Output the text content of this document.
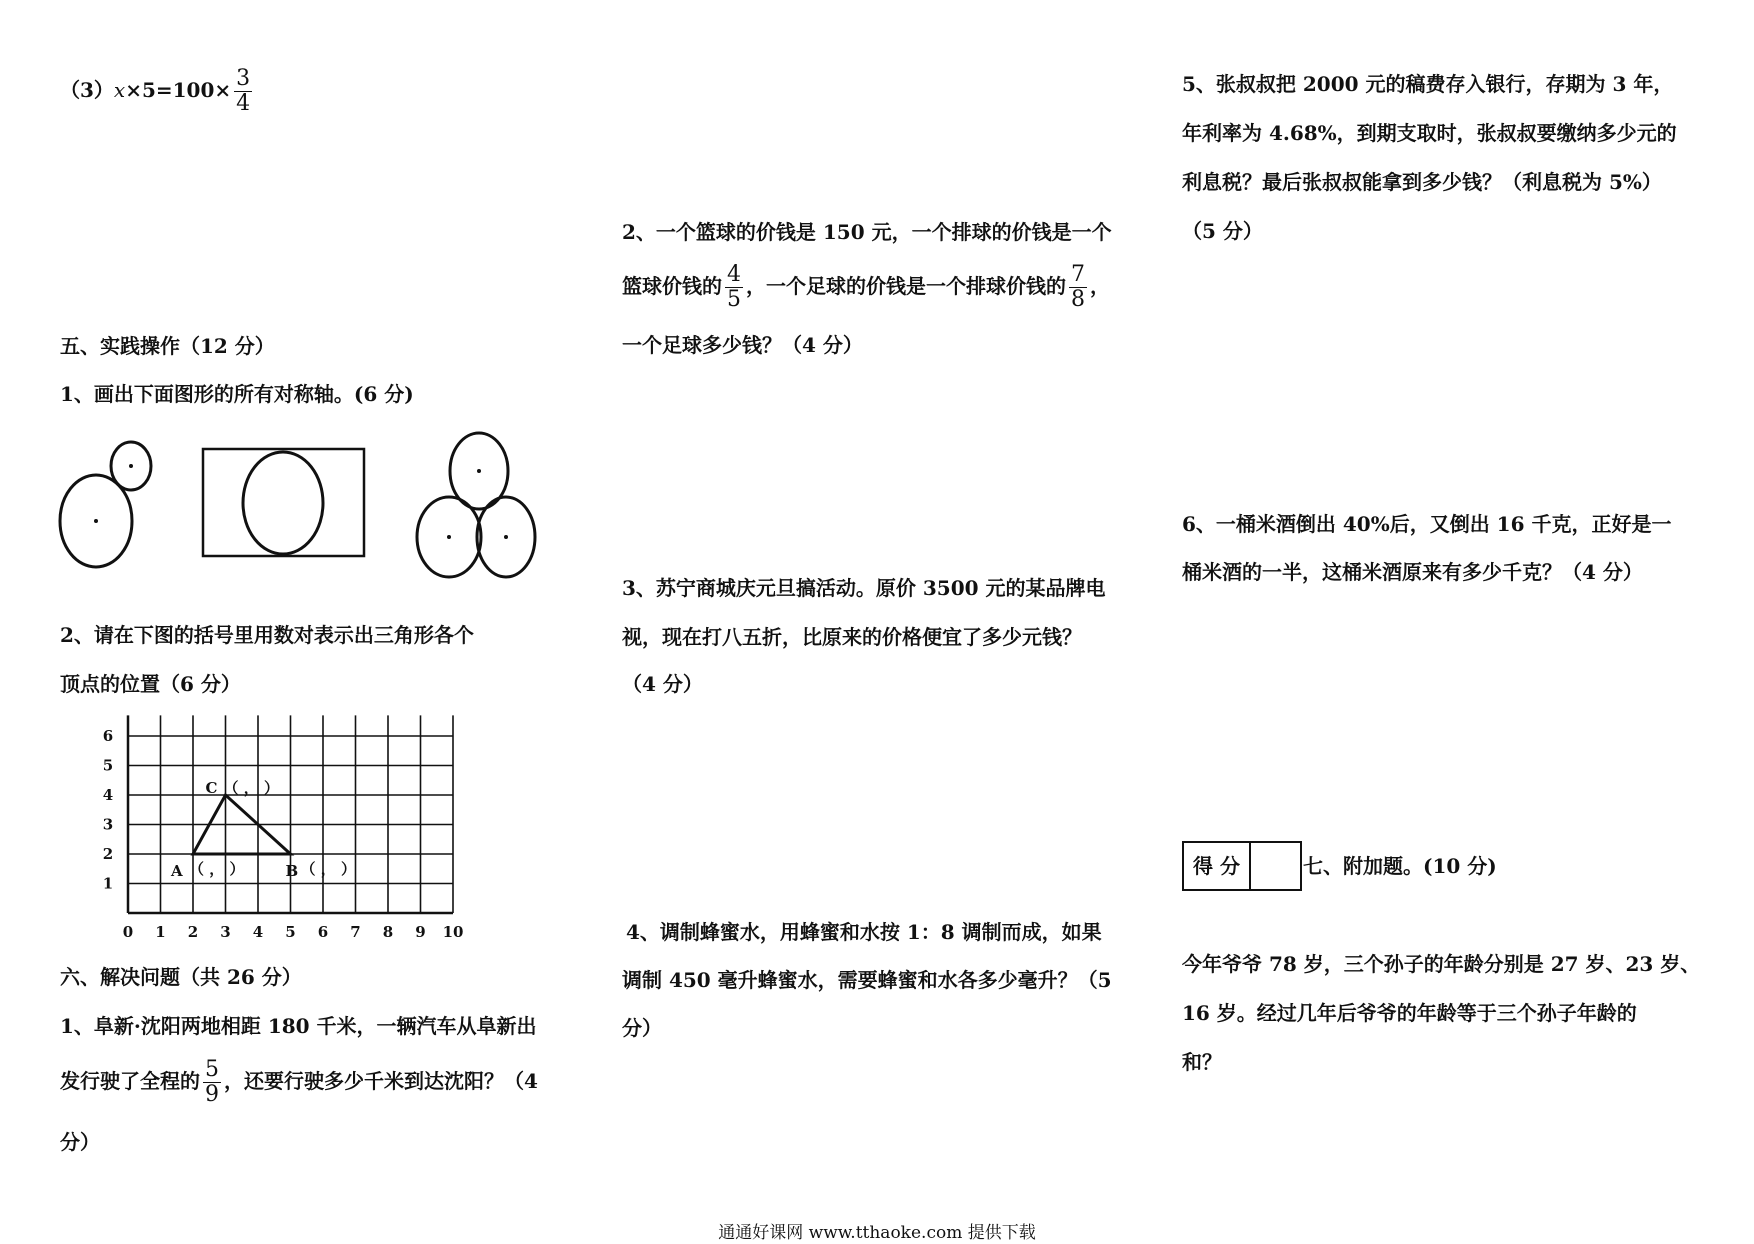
$(3)x\times 5=100\times \frac{3}{4}$
五、实践操作（12 分）
1、画出下面图形的所有对称轴。(6 分)
2、请在下图的括号里用数对表示出三角形各个
顶点的位置（6 分）
0 1 2 3 4 5 6 7 8 9 10
1
2
3
4
5
6
A （ ， ）	B （ ， ）
C （ ， ）
六、解决问题（共 26 分）
1、阜新·沈阳两地相距 180 千米，一辆汽车从阜新出
发行驶了全程的 $\frac{5}{9}$ ，还要行驶多少千米到达沈阳？（4
分）
2、一个篮球的价钱是 150 元，一个排球的价钱是一个
篮球价钱的 $\frac{4}{5}$ ，一个足球的价钱是一个排球价钱的 $\frac{7}{8}$ ，
一个足球多少钱？（4 分）
3、苏宁商城庆元旦搞活动。原价 3500 元的某品牌电
视，现在打八五折，比原来的价格便宜了多少元钱？
（4 分）
4、调制蜂蜜水，用蜂蜜和水按 1：8 调制而成，如果
调制 450 毫升蜂蜜水，需要蜂蜜和水各多少毫升？（5
分）
5、张叔叔把 2000 元的稿费存入银行，存期为 3 年，
年利率为 4.68%，到期支取时，张叔叔要缴纳多少元的
利息税？最后张叔叔能拿到多少钱？（利息税为 5%）
（5 分）
6、一桶米酒倒出 40%后，又倒出 16 千克，正好是一
桶米酒的一半，这桶米酒原来有多少千克？（4 分）
得 分	七、附加题。(10 分)
今年爷爷 78 岁，三个孙子的年龄分别是 27 岁、23 岁、
16 岁。经过几年后爷爷的年龄等于三个孙子年龄的
和？
通通好课网 www.tthaoke.com 提供下载
